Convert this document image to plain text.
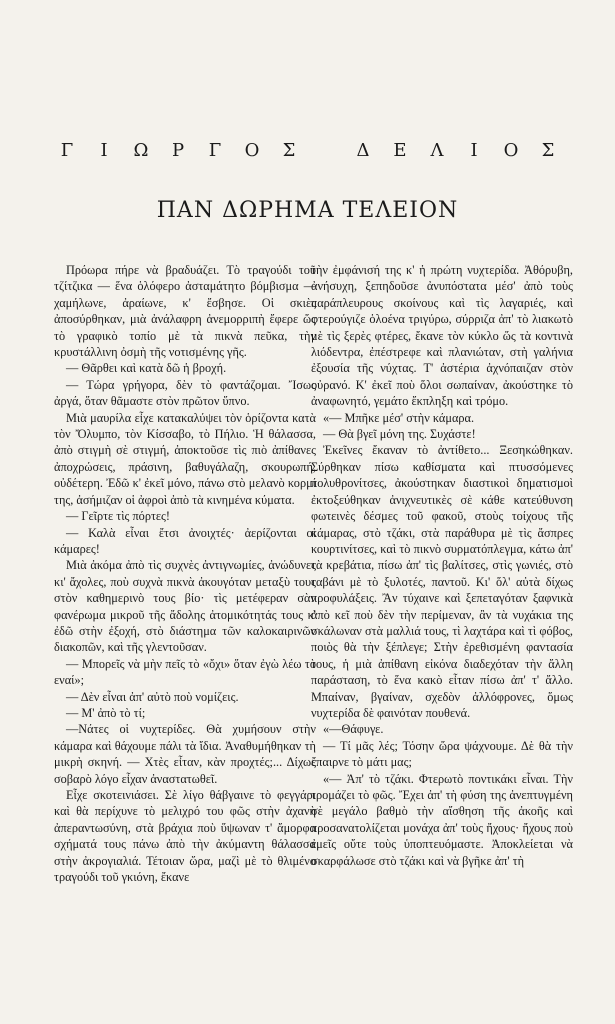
Γ Ι Ω Ρ Γ Ο Σ	Δ Ε Λ Ι Ο Σ
ΠΑΝ ΔΩΡΗΜΑ ΤΕΛΕΙΟΝ

Πρόωρα πήρε νὰ βραδυάζει. Τὸ τραγούδι τοῦ τζίτζικα — ἕνα ὁλόφερο ἀσταμάτητο βόμβισμα — χαμήλωνε, ἀραίωνε, κ' ἔσβησε. Οἱ σκιὲς ἀποσύρθηκαν, μιὰ ἀνάλαφρη ἀνεμορριπὴ ἔφερε ὥς τὸ γραφικὸ τοπίο μὲ τὰ πικνὰ πεῦκα, τὴν κρυστάλλινη ὀσμὴ τῆς νοτισμένης γῆς.

— Θᾶρθει καὶ κατὰ δῶ ἡ βροχή.

— Τώρα γρήγορα, δὲν τὸ φαντάζομαι. Ἴσως ἀργά, ὅταν θᾶμαστε στὸν πρῶτον ὕπνο.

Μιὰ μαυρίλα εἶχε κατακαλύψει τὸν ὁρίζοντα κατὰ τὸν Ὄλυμπο, τὸν Κίσσαβο, τὸ Πήλιο. Ἡ θάλασσα, ἀπὸ στιγμὴ σὲ στιγμή, ἀποκτοῦσε τὶς πιὸ ἀπίθανες ἀποχρώσεις, πράσινη, βαθυγάλαζη, σκουρωπή, οὐδέτερη. Ἐδῶ κ' ἐκεῖ μόνο, πάνω στὸ μελανὸ κορμί της, ἀσήμιζαν οἱ ἀφροὶ ἀπὸ τὰ κινημένα κύματα.

— Γεῖρτε τὶς πόρτες!

— Καλὰ εἶναι ἔτσι ἀνοιχτές· ἀερίζονται οἱ κάμαρες!

Μιὰ ἀκόμα ἀπὸ τὶς συχνὲς ἀντιγνωμίες, ἀνώδυνες κι' ἄχολες, ποὺ συχνὰ πικνὰ ἀκουγόταν μεταξὺ τους στὸν καθημερινὸ τους βίο· τὶς μετέφεραν σὰν φανέρωμα μικροῦ τῆς ἄδολης ἀτομικότητάς τους κ' ἐδῶ στὴν ἐξοχή, στὸ διάστημα τῶν καλοκαιρινῶν διακοπῶν, καὶ τῆς γλεντοῦσαν.

— Μπορεῖς νὰ μὴν πεῖς τὸ «ὄχι» ὅταν ἐγὼ λέω τὸ εναί»;

— Δὲν εἶναι ἀπ' αὐτὸ ποὺ νομίζεις.

— Μ' ἀπὸ τὸ τί;

—Νάτες οἱ νυχτερίδες. Θὰ χυμήσουν στὴν κάμαρα καὶ θάχουμε πάλι τὰ ἴδια. Ἀναθυμήθηκαν τὴ μικρὴ σκηνή. — Χτὲς εἶταν, κὰν προχτές;... Δίχως σοβαρὸ λόγο εἶχαν ἀναστατωθεῖ.

Εἶχε σκοτεινιάσει. Σὲ λίγο θάβγαινε τὸ φεγγάρι καὶ θὰ περίχυνε τὸ μελιχρό του φῶς στὴν ἀχανὴ ἀπεραντωσύνη, στὰ βράχια ποὺ ὕψωναν τ' ἄμορφα σχήματά τους πάνω ἀπὸ τὴν ἀκύμαντη θάλασσα στὴν ἀκρογιαλιά. Τέτοιαν ὥρα, μαζὶ μὲ τὸ θλιμένο τραγούδι τοῦ γκιόνη, ἔκανε

τὴν ἐμφάνισή της κ' ἡ πρώτη νυχτερίδα. Ἀθόρυβη, ἀνήσυχη, ξεπηδοῦσε ἀνυπόστατα μέσ' ἀπὸ τοὺς παράπλευρους σκοίνους καὶ τὶς λαγαριές, καὶ φτερούγιζε ὁλοένα τριγύρω, σύρριζα ἀπ' τὸ λιακωτὸ μὲ τὶς ξερὲς φτέρες, ἔκανε τὸν κύκλο ὥς τὰ κοντινὰ λιόδεντρα, ἐπέστρεφε καὶ πλανιώταν, στὴ γαλήνια ἐξουσία τῆς νύχτας. Τ' ἀστέρια ἀχνόπαιζαν στὸν οὐρανό. Κ' ἐκεῖ ποὺ ὅλοι σωπαίναν, ἀκούστηκε τὸ ἀναφωνητό, γεμάτο ἔκπληξη καὶ τρόμο.

«— Μπῆκε μέσ' στὴν κάμαρα.

— Θὰ βγεῖ μόνη της. Συχάστε!

Ἐκεῖνες ἔκαναν τὸ ἀντίθετο... Ξεσηκώθηκαν. Σύρθηκαν πίσω καθίσματα καὶ πτυσσόμενες πολυθρονίτσες, ἀκούστηκαν διαστικοὶ δηματισμοὶ ἐκτοξεύθηκαν ἀνιχνευτικὲς σὲ κάθε κατεύθυνση φωτεινὲς δέσμες τοῦ φακοῦ, στοὺς τοίχους τῆς κάμαρας, στὸ τζάκι, στὰ παράθυρα μὲ τὶς ἄσπρες κουρτινίτσες, καὶ τὸ πικνὸ συρματόπλεγμα, κάτω ἀπ' τὰ κρεβάτια, πίσω ἀπ' τὶς βαλίτσες, στὶς γωνιές, στὸ ταβάνι μὲ τὸ ξυλοτές, παντοῦ. Κι' ὅλ' αὐτὰ δίχως προφυλάξεις. Ἂν τύχαινε καὶ ξεπεταγόταν ξαφνικὰ ἀπὸ κεῖ ποὺ δὲν τὴν περίμεναν, ἂν τὰ νυχάκια της σκάλωναν στὰ μαλλιά τους, τὶ λαχτάρα καὶ τὶ φόβος, ποιὸς θὰ τὴν ξέπλεγε; Στὴν ἐρεθισμένη φαντασία τους, ἡ μιὰ ἀπίθανη εἰκόνα διαδεχόταν τὴν ἄλλη παράσταση, τὸ ἕνα κακὸ εἶταν πίσω ἀπ' τ' ἄλλο. Μπαίναν, βγαίναν, σχεδὸν ἀλλόφρονες, ὅμως νυχτερίδα δὲ φαινόταν πουθενά.

«—Θάφυγε.

— Τί μᾶς λές; Τόσην ὥρα ψάχνουμε. Δὲ θὰ τὴν ἔπαιρνε τὸ μάτι μας;

«— Ἀπ' τὸ τζάκι. Φτερωτὸ ποντικάκι εἶναι. Τὴν τρομάζει τὸ φῶς. Ἔχει ἀπ' τὴ φύση της ἀνεπτυγμένη σὲ μεγάλο βαθμὸ τὴν αἴσθηση τῆς ἀκοῆς καὶ προσανατολίζεται μονάχα ἀπ' τοὺς ἤχους· ἤχους ποὺ ἐμεῖς οὔτε τοὺς ὑποπτευόμαστε. Ἀποκλείεται νὰ σκαρφάλωσε στὸ τζάκι καὶ νὰ βγῆκε ἀπ' τὴ
